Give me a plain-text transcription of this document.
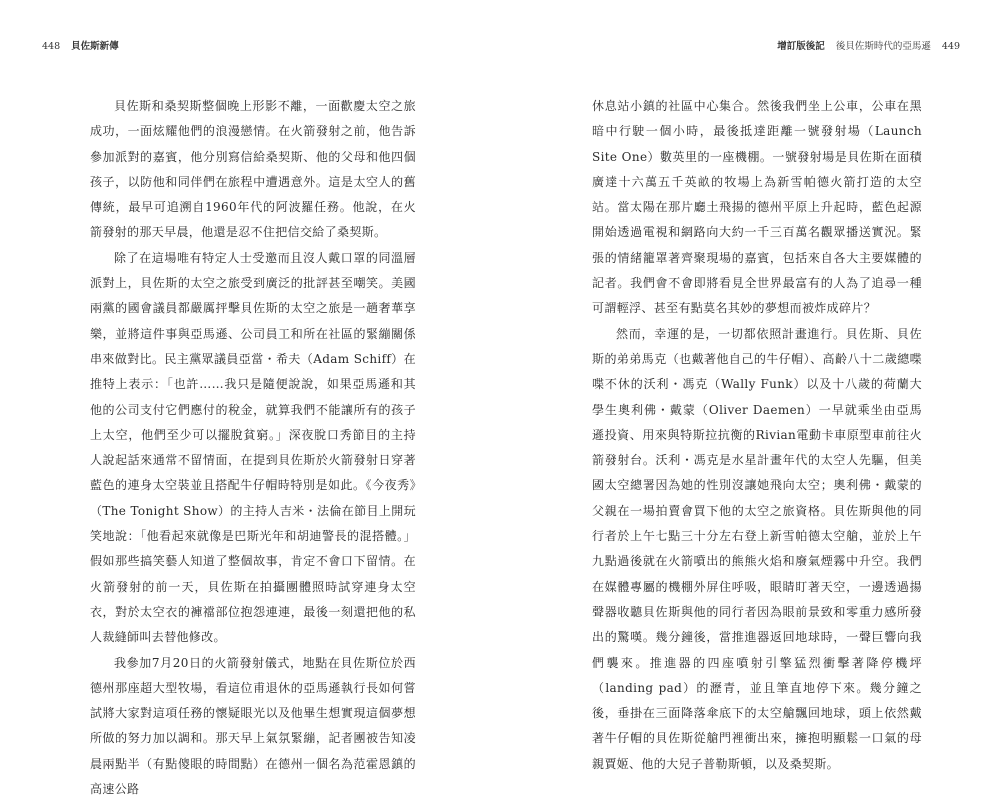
448 貝佐斯新傳

貝佐斯和桑契斯整個晚上形影不離，一面歡慶太空之旅成功，一面炫耀他們的浪漫戀情。在火箭發射之前，他告訴參加派對的嘉賓，他分別寫信給桑契斯、他的父母和他四個孩子，以防他和同伴們在旅程中遭遇意外。這是太空人的舊傳統，最早可追溯自1960年代的阿波羅任務。他說，在火箭發射的那天早晨，他還是忍不住把信交給了桑契斯。

除了在這場唯有特定人士受邀而且沒人戴口罩的同溫層派對上，貝佐斯的太空之旅受到廣泛的批評甚至嘲笑。美國兩黨的國會議員都嚴厲抨擊貝佐斯的太空之旅是一趟奢華享樂，並將這件事與亞馬遜、公司員工和所在社區的緊繃關係串來做對比。民主黨眾議員亞當・希夫（Adam Schiff）在推特上表示：「也許……我只是隨便說說，如果亞馬遜和其他的公司支付它們應付的稅金，就算我們不能讓所有的孩子上太空，他們至少可以擺脫貧窮。」深夜脫口秀節目的主持人說起話來通常不留情面，在提到貝佐斯於火箭發射日穿著藍色的連身太空裝並且搭配牛仔帽時特別是如此。《今夜秀》（The Tonight Show）的主持人吉米・法倫在節目上開玩笑地說：「他看起來就像是巴斯光年和胡迪警長的混搭體。」假如那些搞笑藝人知道了整個故事，肯定不會口下留情。在火箭發射的前一天，貝佐斯在拍攝團體照時試穿連身太空衣，對於太空衣的褲襠部位抱怨連連，最後一刻還把他的私人裁縫師叫去替他修改。

我參加7月20日的火箭發射儀式，地點在貝佐斯位於西德州那座超大型牧場，看這位甫退休的亞馬遜執行長如何嘗試將大家對這項任務的懷疑眼光以及他畢生想實現這個夢想所做的努力加以調和。那天早上氣氛緊繃，記者團被告知凌晨兩點半（有點傻眼的時間點）在德州一個名為范霍恩鎮的高速公路

增訂版後記 後貝佐斯時代的亞馬遜 449

休息站小鎮的社區中心集合。然後我們坐上公車，公車在黑暗中行駛一個小時，最後抵達距離一號發射場（Launch Site One）數英里的一座機棚。一號發射場是貝佐斯在面積廣達十六萬五千英畝的牧場上為新雪帕德火箭打造的太空站。當太陽在那片廳土飛揚的德州平原上升起時，藍色起源開始透過電視和網路向大約一千三百萬名觀眾播送實況。緊張的情緒籠罩著齊聚現場的嘉賓，包括來自各大主要媒體的記者。我們會不會即將看見全世界最富有的人為了追尋一種可謂輕浮、甚至有點莫名其妙的夢想而被炸成碎片？

然而，幸運的是，一切都依照計畫進行。貝佐斯、貝佐斯的弟弟馬克（也戴著他自己的牛仔帽）、高齡八十二歲總喋喋不休的沃利・馮克（Wally Funk）以及十八歲的荷蘭大學生奧利佛・戴蒙（Oliver Daemen）一早就乘坐由亞馬遜投資、用來與特斯拉抗衡的Rivian電動卡車原型車前往火箭發射台。沃利・馮克是水星計畫年代的太空人先驅，但美國太空總署因為她的性別沒讓她飛向太空；奧利佛・戴蒙的父親在一場拍賣會買下他的太空之旅資格。貝佐斯與他的同行者於上午七點三十分左右登上新雪帕德太空艙，並於上午九點過後就在火箭噴出的熊熊火焰和廢氣煙霧中升空。我們在媒體專屬的機棚外屏住呼吸，眼睛盯著天空，一邊透過揚聲器收聽貝佐斯與他的同行者因為眼前景致和零重力感所發出的驚嘆。幾分鐘後，當推進器返回地球時，一聲巨響向我們襲來。推進器的四座噴射引擎猛烈衝擊著降停機坪（landing pad）的瀝青，並且筆直地停下來。幾分鐘之後，垂掛在三面降落傘底下的太空艙飄回地球，頭上依然戴著牛仔帽的貝佐斯從艙門裡衝出來，擁抱明顯鬆一口氣的母親賈姬、他的大兒子普勒斯頓，以及桑契斯。
